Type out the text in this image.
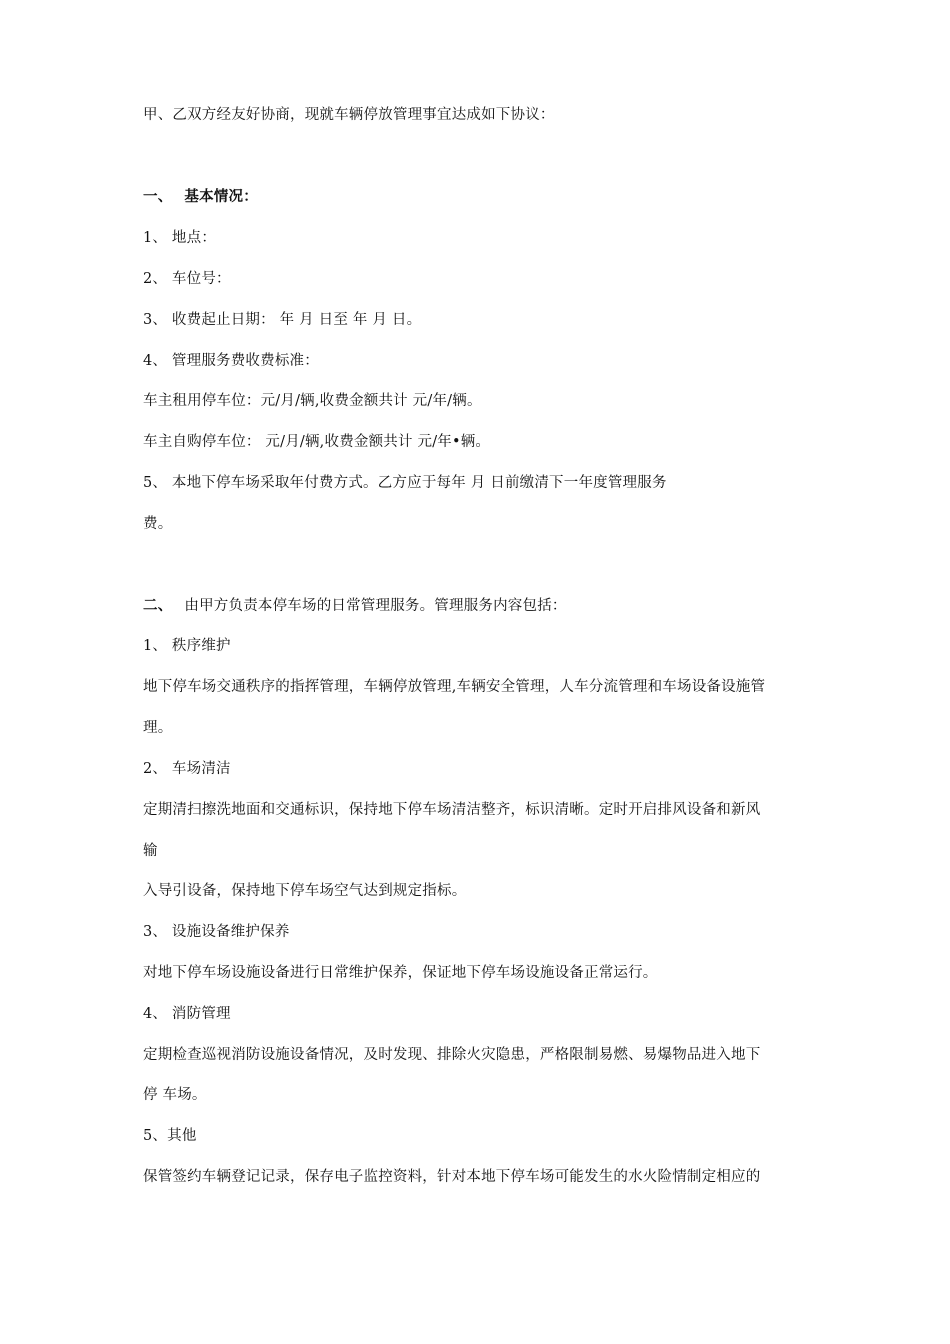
甲、乙双方经友好协商，现就车辆停放管理事宜达成如下协议：
一、 基本情况：
1、 地点：
2、 车位号：
3、 收费起止日期： 年 月 日至 年 月 日。
4、 管理服务费收费标准：
车主租用停车位：元/月/辆,收费金额共计 元/年/辆。
车主自购停车位： 元/月/辆,收费金额共计 元/年•辆。
5、 本地下停车场采取年付费方式。乙方应于每年 月 日前缴清下一年度管理服务
费。
二、 由甲方负责本停车场的日常管理服务。管理服务内容包括：
1、 秩序维护
地下停车场交通秩序的指挥管理，车辆停放管理,车辆安全管理，人车分流管理和车场设备设施管
理。
2、 车场清洁
定期清扫擦洗地面和交通标识，保持地下停车场清洁整齐，标识清晰。定时开启排风设备和新风
输
入导引设备，保持地下停车场空气达到规定指标。
3、 设施设备维护保养
对地下停车场设施设备进行日常维护保养，保证地下停车场设施设备正常运行。
4、 消防管理
定期检查巡视消防设施设备情况，及时发现、排除火灾隐患，严格限制易燃、易爆物品进入地下
停 车场。
5、其他
保管签约车辆登记记录，保存电子监控资料，针对本地下停车场可能发生的水火险情制定相应的
